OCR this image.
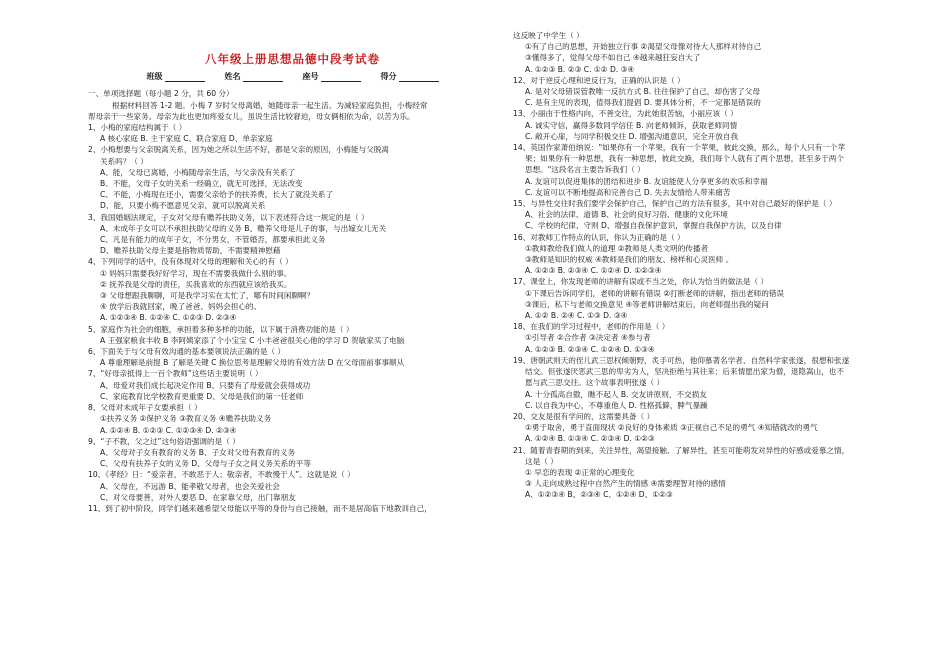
八年级上册思想品德中段考试卷
班级	姓名	座号	得分
一、单项选择题（每小题 2 分，共 60 分）
根据材料回答 1-2 题。小梅 7 岁时父母离婚，她随母亲一起生活。为减轻家庭负担，小梅经常
帮母亲干一些家务。母亲为此也更加疼爱女儿，虽说生活比较窘迫，母女俩相依为命，以苦为乐。
1、小梅的家庭结构属于（ ）
A 核心家庭 B. 主干家庭 C、联合家庭 D、单亲家庭
2、小梅想要与父亲脱离关系，因为她之所以生活不好，都是父亲的原因，小梅能与父脱离
关系吗？（ ）
A、能，父母已离婚，小梅随母亲生活，与父亲没有关系了
B、不能，父母子女的关系一经确立，就无可选择，无法改变
C、不能，小梅现在还小，需要父亲给予的扶养费，长大了就没关系了
D、能，只要小梅不愿意见父亲，就可以脱离关系
3、我国婚姻法规定，子女对父母有赡养扶助义务，以下表述符合这一规定的是（ ）
A、未成年子女可以不承担扶助父母的义务 B、赡养父母是儿子的事，与出嫁女儿无关
C、凡是有能力的成年子女，不分男女，不管婚否，都要承担此义务
D、赡养扶助父母主要是指物质帮助，不需要精神慰藉
4、下列同学的话中，没有体现对父母的理解和关心的有（ ）
① 妈妈只需要我好好学习，现在不需要我做什么别的事。
② 抚养我是父母的责任，买我喜欢的东西就应该给我买。
③ 父母想跟我聊聊，可是我学习实在太忙了，哪有时间闲聊啊？
④ 放学后我就回家，晚了爸爸、妈妈会担心的。
A. ①②③④ B. ①②④ C. ①②③ D. ②③④
5、家庭作为社会的细胞，承担着多种多样的功能，以下属于消费功能的是（ ）
A 王强家粮食丰收 B 李阿姨家添了个小宝宝 C 小丰爸爸很关心他的学习 D 贺敏家买了电脑
6、下面关于与父母有效沟通的基本要领说法正确的是（ ）
A 尊重理解是前提 B 了解是关键 C 换位思考是理解父母的有效方法 D 在父母面前事事顺从
7、“好母亲抵得上一百个教师”这些话主要说明（ ）
A、母爱对我们成长起决定作用 B、只要有了母爱就会获得成功
C、家庭教育比学校教育更重要 D、父母是我们的第一任老师
8、父母对未成年子女要承担（ ）
①扶养义务 ②保护义务 ③教育义务 ④赡养扶助义务
A. ①②④ B. ①②③ C. ①②③④ D. ②③④
9、“子不教，父之过”这句俗语强调的是（ ）
A、父母对子女有教育的义务 B、子女对父母有教育的义务
C、父母有扶养子女的义务 D、父母与子女之间义务关系的平等
10、《孝经》日：“爱亲者，不敢恶于人；敬亲者，不敢慢于人”。这就是说（ ）
A、父母在，不远游 B、能孝敬父母者，也会关爱社会
C、对父母要善，对外人要恶 D、在家靠父母，出门靠朋友
11、到了初中阶段，同学们越来越希望父母能以平等的身份与自己接触，而不是居高临下地教训自己，
这反映了中学生（ ）
①有了自己的思想，开始独立行事 ②渴望父母像对待大人那样对待自己
③懂得多了，觉得父母不如自己 ④越来越狂妄自大了
A. ①②③ B. ②③ C. ①② D. ③④
12、对于逆反心理和逆反行为，正确的认识是（ ）
A. 是对父母错误管教唯一反抗方式 B. 往往保护了自己，却伤害了父母
C. 是有主见的表现，值得我们提倡 D. 要具体分析，不一定都是错误的
13、小丽由于性格内向，不善交往，为此她很苦恼，小丽应该（ ）
A. 诚实守信，赢得多数同学信任 B. 向老师倾诉，获取老师同情
C. 敞开心扉，与同学积极交往 D. 增强沟通意识，完全开放自我
14、英国作家萧伯纳说："如果你有一个苹果，我有一个苹果，彼此交换，那么，每个人只有一个苹
果；如果你有一种思想，我有一种思想，彼此交换，我们每个人就有了两个思想，甚至多于两个
思想。"这段名言主要告诉我们（ ）
A. 友谊可以促进集体的团结和进步 B. 友谊能使人分享更多的欢乐和幸福
C. 友谊可以不断地提高和完善自己 D. 失去友情给人带来痛苦
15、与异性交往时我们要学会保护自己，保护自己的方法有很多，其中对自己最好的保护是（ ）
A、社会的法律、道德 B、社会的良好习俗、健康的文化环境
C、学校的纪律、守则 D、增强自我保护意识，掌握自我保护方法，以及自律
16、对教师工作特点的认识，你认为正确的是（ ）
①教师教给我们做人的道理 ②教师是人类文明的传播者
③教师是知识的权威 ④教师是我们的朋友、榜样和心灵医师 。
A. ①②③ B. ②③④ C. ①②④ D. ①②③④
17、课堂上，你发现老师的讲解有误或不当之处，你认为恰当的做法是（ ）
①下课后告诉同学们，老师的讲解有错误 ②打断老师的讲解，指出老师的错误
③课后，私下与老师交换意见 ④等老师讲解结束后，向老师提出我的疑问
A. ①② B. ②④ C. ①③ D. ③④
18、在我们的学习过程中，老师的作用是（ ）
①引导者 ②合作者 ③决定者 ④参与者
A. ①②③ B. ②③④ C. ①②④ D. ①③④
19、唐朝武则天的侄儿武三思权倾朝野，炙手可热，他仰慕著名学者、自然科学家张遂，很想和张遂
结交。但张遂厌恶武三思的卑劣为人，坚决拒绝与其往来；后来情愿出家为僧，退隐嵩山，也不
愿与武三思交往。这个故事表明张遂（ ）
A. 十分孤高自傲，瞧不起人 B. 交友讲原则，不交损友
C. 以自我为中心，不尊重他人 D. 性格孤僻，脾气暴躁
20、交友是很有学问的，这需要具备（ ）
①勇于取舍，勇于直面现状 ②良好的身体素质 ③正视自己不足的勇气 ④知错就改的勇气
A. ①②④ B. ①③④ C. ②③④ D. ①②③
21、随着青春期的到来，关注异性，渴望接触、了解异性，甚至可能萌发对异性的好感或爱慕之情，
这是（ ）
① 早恋的表现 ②正常的心理变化
③ 人走向成熟过程中自然产生的情感 ④需要理智对待的感情
A、①②③④ B、②③④ C、①②④ D、①②③
